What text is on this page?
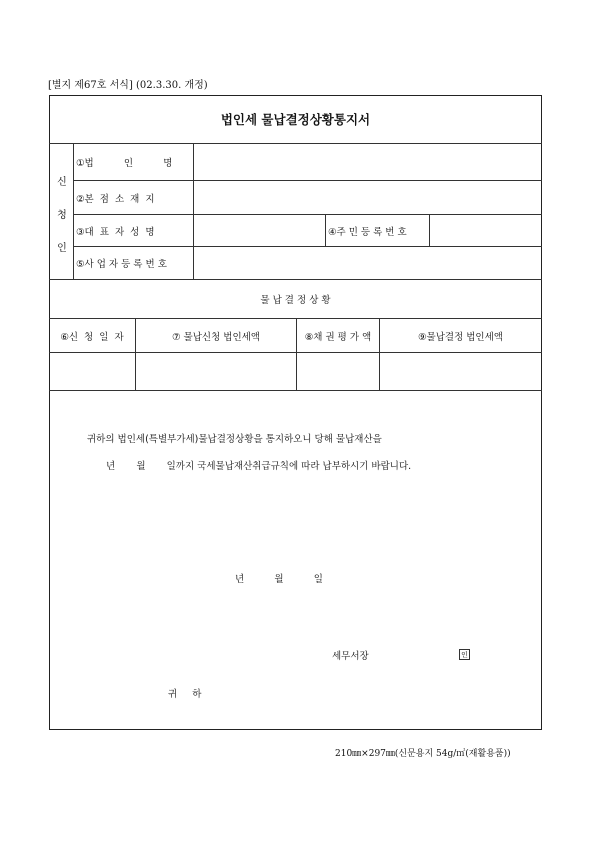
[별지 제67호 서식] (02.3.30. 개정)
법인세 물납결정상황통지서
신
청
인
①법          인          명
②본  점  소  재  지
③대  표  자  성  명	④주 민 등 록 번 호
⑤사 업 자 등 록 번 호
물 납 결 정 상 황
⑥신  청  일  자	⑦ 물납신청 법인세액	⑧채 권 평 가 액	⑨물납결정 법인세액
귀하의 법인세(특별부가세)물납결정상황을 통지하오니 당해 물납재산을
년       월       일까지 국세물납재산취급규칙에 따라 납부하시기 바랍니다.
년          월          일
세무서장	인
귀     하
210㎜×297㎜(신문용지 54g/㎡(재활용품))
